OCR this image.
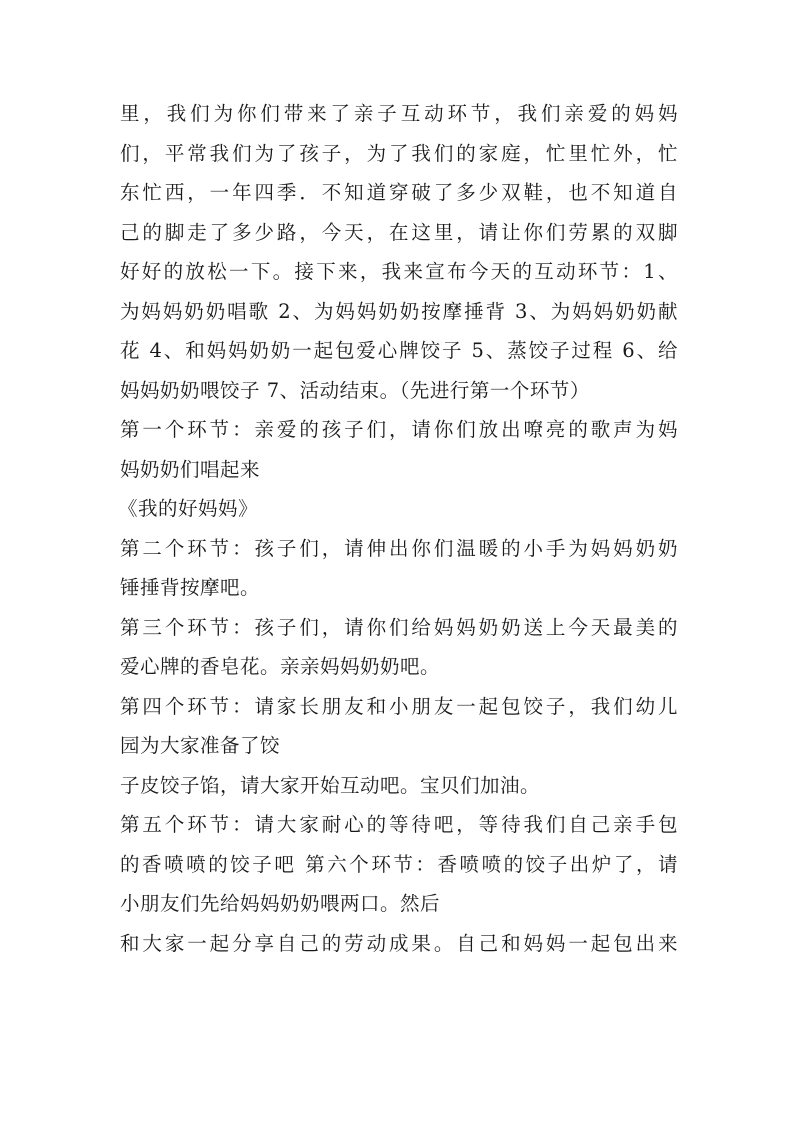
里，我们为你们带来了亲子互动环节，我们亲爱的妈妈
们，平常我们为了孩子，为了我们的家庭，忙里忙外，忙
东忙西，一年四季．不知道穿破了多少双鞋，也不知道自
己的脚走了多少路，今天，在这里，请让你们劳累的双脚
好好的放松一下。接下来，我来宣布今天的互动环节：1、
为妈妈奶奶唱歌 2、为妈妈奶奶按摩捶背 3、为妈妈奶奶献
花 4、和妈妈奶奶一起包爱心牌饺子 5、蒸饺子过程 6、给
妈妈奶奶喂饺子 7、活动结束。（先进行第一个环节）
第一个环节：亲爱的孩子们，请你们放出嘹亮的歌声为妈
妈奶奶们唱起来
《我的好妈妈》
第二个环节：孩子们，请伸出你们温暖的小手为妈妈奶奶
锤捶背按摩吧。
第三个环节：孩子们，请你们给妈妈奶奶送上今天最美的
爱心牌的香皂花。亲亲妈妈奶奶吧。
第四个环节：请家长朋友和小朋友一起包饺子，我们幼儿
园为大家准备了饺
子皮饺子馅，请大家开始互动吧。宝贝们加油。
第五个环节：请大家耐心的等待吧，等待我们自己亲手包
的香喷喷的饺子吧 第六个环节：香喷喷的饺子出炉了，请
小朋友们先给妈妈奶奶喂两口。然后
和大家一起分享自己的劳动成果。自己和妈妈一起包出来
